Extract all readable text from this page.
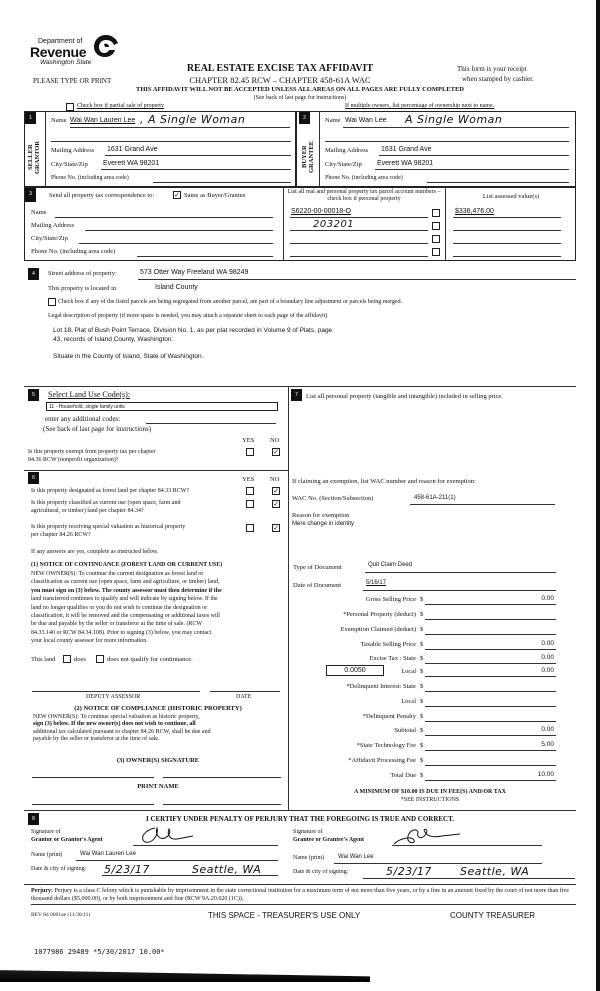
Department of
Revenue
Washington State
REAL ESTATE EXCISE TAX AFFIDAVIT
PLEASE TYPE OR PRINT	CHAPTER 82.45 RCW – CHAPTER 458-61A WAC
This form is your receipt
when stamped by cashier.
THIS AFFIDAVIT WILL NOT BE ACCEPTED UNLESS ALL AREAS ON ALL PAGES ARE FULLY COMPLETED
(See back of last page for instructions)
Check box if partial sale of property	If multiple owners, list percentage of ownership next to name.
1
SELLER
GRANTOR
Name Wai Wan Lauren Lee , A Single Woman
Mailing Address 1631 Grand Ave
City/State/Zip Everett WA 98201
Phone No. (including area code)
2
BUYER
GRANTEE
Name Wai Wan Lee A Single Woman
Mailing Address 1631 Grand Ave
City/State/Zip Everett WA 98201
Phone No. (including area code)
3	Send all property tax correspondence to:	✓ Same as Buyer/Grantee
Name
Mailing Address
City/State/Zip
Phone No. (including area code)
List all real and personal property tax parcel account numbers – check box if personal property	List assessed value(s)
S6220-00-00018-O	$336,476.00
203201
4	Street address of property:	573 Otter Way Freeland WA 98249
This property is located in	Island County
Check box if any of the listed parcels are being segregated from another parcel, are part of a boundary line adjustment or parcels being merged.
Legal description of property (if more space is needed, you may attach a separate sheet to each page of the affidavit)
Lot 18, Plat of Bush Point Terrace, Division No. 1, as per plat recorded in Volume 9 of Plats, page
43, records of Island County, Washington.
Situate in the County of Island, State of Washington.
5	Select Land Use Code(s):
11 - Household, single family units
enter any additional codes:
(See back of last page for instructions)
YES NO
Is this property exempt from property tax per chapter
84.36 RCW (nonprofit organization)?
✓
6	YES NO
Is this property designated as forest land per chapter 84.33 RCW?	✓
Is this property classified as current use (open space, farm and
agricultural, or timber) land per chapter 84.34?
✓
Is this property receiving special valuation as historical property
per chapter 84.26 RCW?
✓
If any answers are yes, complete as instructed below.
(1) NOTICE OF CONTINUANCE (FOREST LAND OR CURRENT USE)
NEW OWNER(S): To continue the current designation as forest land or
classification as current use (open space, farm and agriculture, or timber) land,
you must sign on (3) below. The county assessor must then determine if the
land transferred continues to qualify and will indicate by signing below. If the
land no longer qualifies or you do not wish to continue the designation or
classification, it will be removed and the compensating or additional taxes will
be due and payable by the seller or transferor at the time of sale. (RCW
84.33.140 or RCW 84.34.108). Prior to signing (3) below, you may contact
your local county assessor for more information.
This land	does	does not qualify for continuance.
DEPUTY ASSESSOR	DATE
(2) NOTICE OF COMPLIANCE (HISTORIC PROPERTY)
NEW OWNER(S): To continue special valuation as historic property,
sign (3) below. If the new owner(s) does not wish to continue, all
additional tax calculated pursuant to chapter 84.26 RCW, shall be due and
payable by the seller or transferor at the time of sale.
(3) OWNER(S) SIGNATURE
PRINT NAME
7	List all personal property (tangible and intangible) included in selling price.
If claiming an exemption, list WAC number and reason for exemption:
WAC No. (Section/Subsection)	458-61A-211(1)
Reason for exemption
Mere change in identity
Type of Document	Quit Claim Deed
Date of Document	5/16/17
Gross Selling Price $	0.00
*Personal Property (deduct) $
Exemption Claimed (deduct) $
Taxable Selling Price $	0.00
Excise Tax : State $	0.00
Local $	0.00
*Delinquent Interest: State $
Local $
*Delinquent Penalty $
Subtotal $	0.00
*State Technology Fee $	5.00
*Affidavit Processing Fee $
Total Due $	10.00
0.0050
A MINIMUM OF $10.00 IS DUE IN FEE(S) AND/OR TAX
*SEE INSTRUCTIONS
8	I CERTIFY UNDER PENALTY OF PERJURY THAT THE FOREGOING IS TRUE AND CORRECT.
Signature of
Grantor or Grantor's Agent
Name (print)	Wai Wan Lauren Lee
Date & city of signing: 5/23/17	Seattle, WA
Signature of
Grantee or Grantee's Agent
Name (print) Wai Wan Lee
Date & city of signing:	5/23/17	Seattle, WA
Perjury: Perjury is a class C felony which is punishable by imprisonment in the state correctional institution for a maximum term of not more than five years, or by a fine in an amount fixed by the court of not more than five thousand dollars ($5,000.00), or by both imprisonment and fine (RCW 9A.20.020 (1C)).
REV 84 0001ae (11/30/11)	THIS SPACE - TREASURER'S USE ONLY	COUNTY TREASURER
1077986 29489 *5/30/2017 10.00*
